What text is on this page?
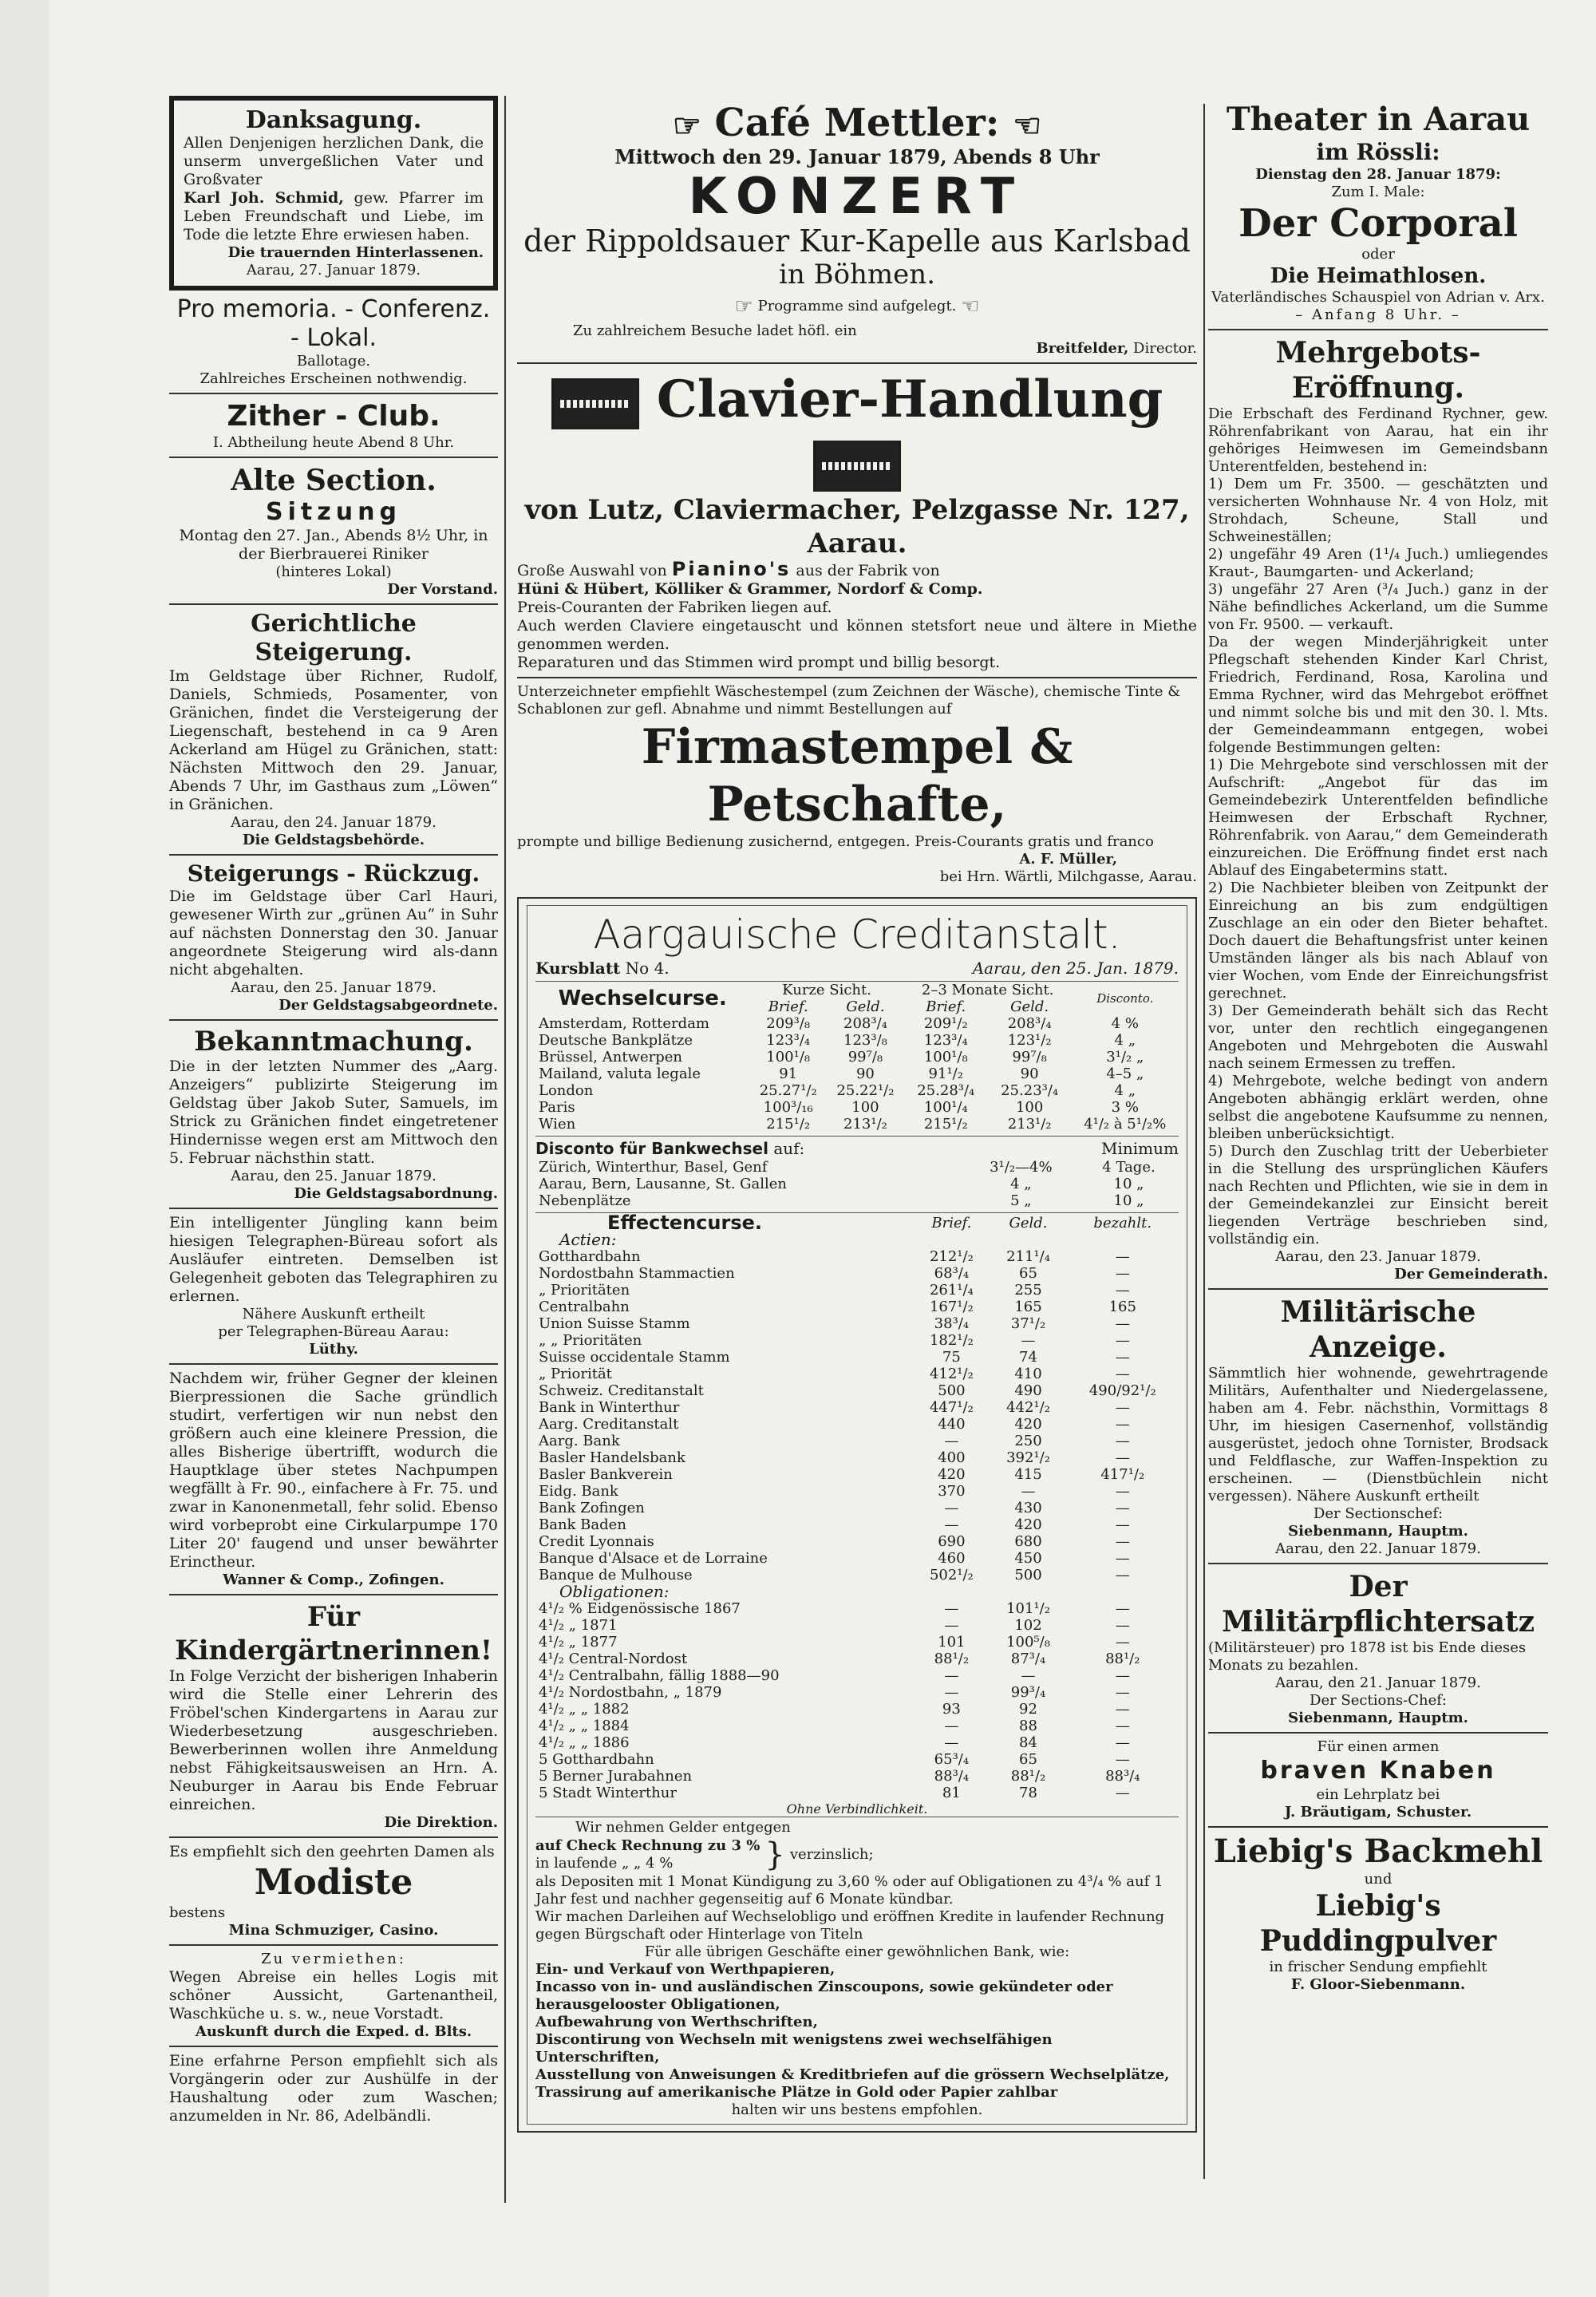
Danksagung.

Allen Denjenigen herzlichen Dank, die unserm unvergeßlichen Vater und Großvater

Karl Joh. Schmid, gew. Pfarrer im Leben Freundschaft und Liebe, im Tode die letzte Ehre erwiesen haben.

Die trauernden Hinterlassenen.

Aarau, 27. Januar 1879.

Pro memoria. - Conferenz. - Lokal.

Ballotage.

Zahlreiches Erscheinen nothwendig.

Zither - Club.

I. Abtheilung heute Abend 8 Uhr.

Alte Section.

Sitzung

Montag den 27. Jan., Abends 8½ Uhr, in der Bierbrauerei Riniker

(hinteres Lokal)

Der Vorstand.

Gerichtliche Steigerung.

Im Geldstage über Richner, Rudolf, Daniels, Schmieds, Posamenter, von Gränichen, findet die Versteigerung der Liegenschaft, bestehend in ca 9 Aren Ackerland am Hügel zu Gränichen, statt: Nächsten Mittwoch den 29. Januar, Abends 7 Uhr, im Gasthaus zum „Löwen“ in Gränichen.

Aarau, den 24. Januar 1879.

Die Geldstagsbehörde.

Steigerungs - Rückzug.

Die im Geldstage über Carl Hauri, gewesener Wirth zur „grünen Au“ in Suhr auf nächsten Donnerstag den 30. Januar angeordnete Steigerung wird als-dann nicht abgehalten.

Aarau, den 25. Januar 1879.

Der Geldstagsabgeordnete.

Bekanntmachung.

Die in der letzten Nummer des „Aarg. Anzeigers“ publizirte Steigerung im Geldstag über Jakob Suter, Samuels, im Strick zu Gränichen findet eingetretener Hindernisse wegen erst am Mittwoch den 5. Februar nächsthin statt.

Aarau, den 25. Januar 1879.

Die Geldstagsabordnung.

Ein intelligenter Jüngling kann beim hiesigen Telegraphen-Büreau sofort als Ausläufer eintreten. Demselben ist Gelegenheit geboten das Telegraphiren zu erlernen.

Nähere Auskunft ertheilt

per Telegraphen-Büreau Aarau:

Lüthy.

Nachdem wir, früher Gegner der kleinen Bierpressionen die Sache gründlich studirt, verfertigen wir nun nebst den größern auch eine kleinere Pression, die alles Bisherige übertrifft, wodurch die Hauptklage über stetes Nachpumpen wegfällt à Fr. 90., einfachere à Fr. 75. und zwar in Kanonenmetall, fehr solid. Ebenso wird vorbeprobt eine Cirkularpumpe 170 Liter 20' faugend und unser bewährter Erinctheur.

Wanner & Comp., Zofingen.

Für Kindergärtnerinnen!

In Folge Verzicht der bisherigen Inhaberin wird die Stelle einer Lehrerin des Fröbel'schen Kindergartens in Aarau zur Wiederbesetzung ausgeschrieben. Bewerberinnen wollen ihre Anmeldung nebst Fähigkeitsausweisen an Hrn. A. Neuburger in Aarau bis Ende Februar einreichen.

Die Direktion.

Es empfiehlt sich den geehrten Damen als

Modiste

bestens

Mina Schmuziger, Casino.

Zu vermiethen:

Wegen Abreise ein helles Logis mit schöner Aussicht, Gartenantheil, Waschküche u. s. w., neue Vorstadt.

Auskunft durch die Exped. d. Blts.

Eine erfahrne Person empfiehlt sich als Vorgängerin oder zur Aushülfe in der Haushaltung oder zum Waschen; anzumelden in Nr. 86, Adelbändli.

☞ Café Mettler: ☜

Mittwoch den 29. Januar 1879, Abends 8 Uhr

KONZERT

der Rippoldsauer Kur-Kapelle aus Karlsbad

in Böhmen.

☞ Programme sind aufgelegt. ☜

Zu zahlreichem Besuche ladet höfl. ein

Breitfelder, Director.

Clavier-Handlung

von Lutz, Claviermacher, Pelzgasse Nr. 127, Aarau.

Große Auswahl von Pianino's aus der Fabrik von

Hüni & Hübert, Kölliker & Grammer, Nordorf & Comp.

Preis-Couranten der Fabriken liegen auf.

Auch werden Claviere eingetauscht und können stetsfort neue und ältere in Miethe genommen werden.

Reparaturen und das Stimmen wird prompt und billig besorgt.

Unterzeichneter empfiehlt Wäschestempel (zum Zeichnen der Wäsche), chemische Tinte & Schablonen zur gefl. Abnahme und nimmt Bestellungen auf

Firmastempel & Petschafte,

prompte und billige Bedienung zusichernd, entgegen. Preis-Courants gratis und franco

A. F. Müller,

bei Hrn. Wärtli, Milchgasse, Aarau.

Aargauische Creditanstalt.

Kursblatt No 4.	Aarau, den 25. Jan. 1879.
Wechselcurse.	Kurze Sicht.		2–3 Monate Sicht.		Disconto.
	Brief.	Geld.	Brief.	Geld.	
Amsterdam, Rotterdam	209³/₈	208³/₄	209¹/₂	208³/₄	4 %
Deutsche Bankplätze	123³/₄	123³/₈	123³/₄	123¹/₂	4 „
Brüssel, Antwerpen	100¹/₈	99⁷/₈	100¹/₈	99⁷/₈	3¹/₂ „
Mailand, valuta legale	91	90	91¹/₂	90	4–5 „
London	25.27¹/₂	25.22¹/₂	25.28³/₄	25.23³/₄	4 „
Paris	100³/₁₆	100	100¹/₄	100	3 %
Wien	215¹/₂	213¹/₂	215¹/₂	213¹/₂	4¹/₂ à 5¹/₂%

Disconto für Bankwechsel auf:	Minimum

Zürich, Winterthur, Basel, Genf	3¹/₂—4%	4 Tage.
Aarau, Bern, Lausanne, St. Gallen	4 „	10 „
Nebenplätze	5 „	10 „
Effectencurse.	Brief.	Geld.	bezahlt.
Actien:			
Gotthardbahn	212¹/₂	211¹/₄	—
Nordostbahn Stammactien	68³/₄	65	—
„ Prioritäten	261¹/₄	255	—
Centralbahn	167¹/₂	165	165
Union Suisse Stamm	38³/₄	37¹/₂	—
„ „ Prioritäten	182¹/₂	—	—
Suisse occidentale Stamm	75	74	—
„ Priorität	412¹/₂	410	—
Schweiz. Creditanstalt	500	490	490/92¹/₂
Bank in Winterthur	447¹/₂	442¹/₂	—
Aarg. Creditanstalt	440	420	—
Aarg. Bank	—	250	—
Basler Handelsbank	400	392¹/₂	—
Basler Bankverein	420	415	417¹/₂
Eidg. Bank	370	—	—
Bank Zofingen	—	430	—
Bank Baden	—	420	—
Credit Lyonnais	690	680	—
Banque d'Alsace et de Lorraine	460	450	—
Banque de Mulhouse	502¹/₂	500	—
Obligationen:			
4¹/₂ % Eidgenössische 1867	—	101¹/₂	—
4¹/₂ „ 1871	—	102	—
4¹/₂ „ 1877	101	100⁵/₈	—
4¹/₂ Central-Nordost	88¹/₂	87³/₄	88¹/₂
4¹/₂ Centralbahn, fällig 1888—90	—	—	—
4¹/₂ Nordostbahn, „ 1879	—	99³/₄	—
4¹/₂ „ „ 1882	93	92	—
4¹/₂ „ „ 1884	—	88	—
4¹/₂ „ „ 1886	—	84	—
5 Gotthardbahn	65³/₄	65	—
5 Berner Jurabahnen	88³/₄	88¹/₂	88³/₄
5 Stadt Winterthur	81	78	—

Ohne Verbindlichkeit.

Wir nehmen Gelder entgegen

auf Check Rechnung zu 3 %

in laufende „ „ 4 %	} verzinslich;

als Depositen mit 1 Monat Kündigung zu 3,60 % oder auf Obligationen zu 4³/₄ % auf 1 Jahr fest und nachher gegenseitig auf 6 Monate kündbar.

Wir machen Darleihen auf Wechselobligo und eröffnen Kredite in laufender Rechnung gegen Bürgschaft oder Hinterlage von Titeln

Für alle übrigen Geschäfte einer gewöhnlichen Bank, wie:

Ein- und Verkauf von Werthpapieren,

Incasso von in- und ausländischen Zinscoupons, sowie gekündeter oder herausgelooster Obligationen,

Aufbewahrung von Werthschriften,

Discontirung von Wechseln mit wenigstens zwei wechselfähigen Unterschriften,

Ausstellung von Anweisungen & Kreditbriefen auf die grössern Wechselplätze,

Trassirung auf amerikanische Plätze in Gold oder Papier zahlbar

halten wir uns bestens empfohlen.

Theater in Aarau

im Rössli:

Dienstag den 28. Januar 1879:

Zum I. Male:

Der Corporal

oder

Die Heimathlosen.

Vaterländisches Schauspiel von Adrian v. Arx.

– Anfang 8 Uhr. –

Mehrgebots-Eröffnung.

Die Erbschaft des Ferdinand Rychner, gew. Röhrenfabrikant von Aarau, hat ein ihr gehöriges Heimwesen im Gemeindsbann Unterentfelden, bestehend in:

1) Dem um Fr. 3500. — geschätzten und versicherten Wohnhause Nr. 4 von Holz, mit Strohdach, Scheune, Stall und Schweineställen;

2) ungefähr 49 Aren (1¹/₄ Juch.) umliegendes Kraut-, Baumgarten- und Ackerland;

3) ungefähr 27 Aren (³/₄ Juch.) ganz in der Nähe befindliches Ackerland, um die Summe von Fr. 9500. — verkauft.

Da der wegen Minderjährigkeit unter Pflegschaft stehenden Kinder Karl Christ, Friedrich, Ferdinand, Rosa, Karolina und Emma Rychner, wird das Mehrgebot eröffnet und nimmt solche bis und mit den 30. l. Mts. der Gemeindeammann entgegen, wobei folgende Bestimmungen gelten:

1) Die Mehrgebote sind verschlossen mit der Aufschrift: „Angebot für das im Gemeindebezirk Unterentfelden befindliche Heimwesen der Erbschaft Rychner, Röhrenfabrik. von Aarau,“ dem Gemeinderath einzureichen. Die Eröffnung findet erst nach Ablauf des Eingabetermins statt.

2) Die Nachbieter bleiben von Zeitpunkt der Einreichung an bis zum endgültigen Zuschlage an ein oder den Bieter behaftet. Doch dauert die Behaftungsfrist unter keinen Umständen länger als bis nach Ablauf von vier Wochen, vom Ende der Einreichungsfrist gerechnet.

3) Der Gemeinderath behält sich das Recht vor, unter den rechtlich eingegangenen Angeboten und Mehrgeboten die Auswahl nach seinem Ermessen zu treffen.

4) Mehrgebote, welche bedingt von andern Angeboten abhängig erklärt werden, ohne selbst die angebotene Kaufsumme zu nennen, bleiben unberücksichtigt.

5) Durch den Zuschlag tritt der Ueberbieter in die Stellung des ursprünglichen Käufers nach Rechten und Pflichten, wie sie in dem in der Gemeindekanzlei zur Einsicht bereit liegenden Verträge beschrieben sind, vollständig ein.

Aarau, den 23. Januar 1879.

Der Gemeinderath.

Militärische Anzeige.

Sämmtlich hier wohnende, gewehrtragende Militärs, Aufenthalter und Niedergelassene, haben am 4. Febr. nächsthin, Vormittags 8 Uhr, im hiesigen Casernenhof, vollständig ausgerüstet, jedoch ohne Tornister, Brodsack und Feldflasche, zur Waffen-Inspektion zu erscheinen. — (Dienstbüchlein nicht vergessen). Nähere Auskunft ertheilt

Der Sectionschef:

Siebenmann, Hauptm.

Aarau, den 22. Januar 1879.

Der Militärpflichtersatz

(Militärsteuer) pro 1878 ist bis Ende dieses Monats zu bezahlen.

Aarau, den 21. Januar 1879.

Der Sections-Chef:

Siebenmann, Hauptm.

Für einen armen

braven Knaben

ein Lehrplatz bei

J. Bräutigam, Schuster.

Liebig's Backmehl

und

Liebig's Puddingpulver

in frischer Sendung empfiehlt

F. Gloor-Siebenmann.
